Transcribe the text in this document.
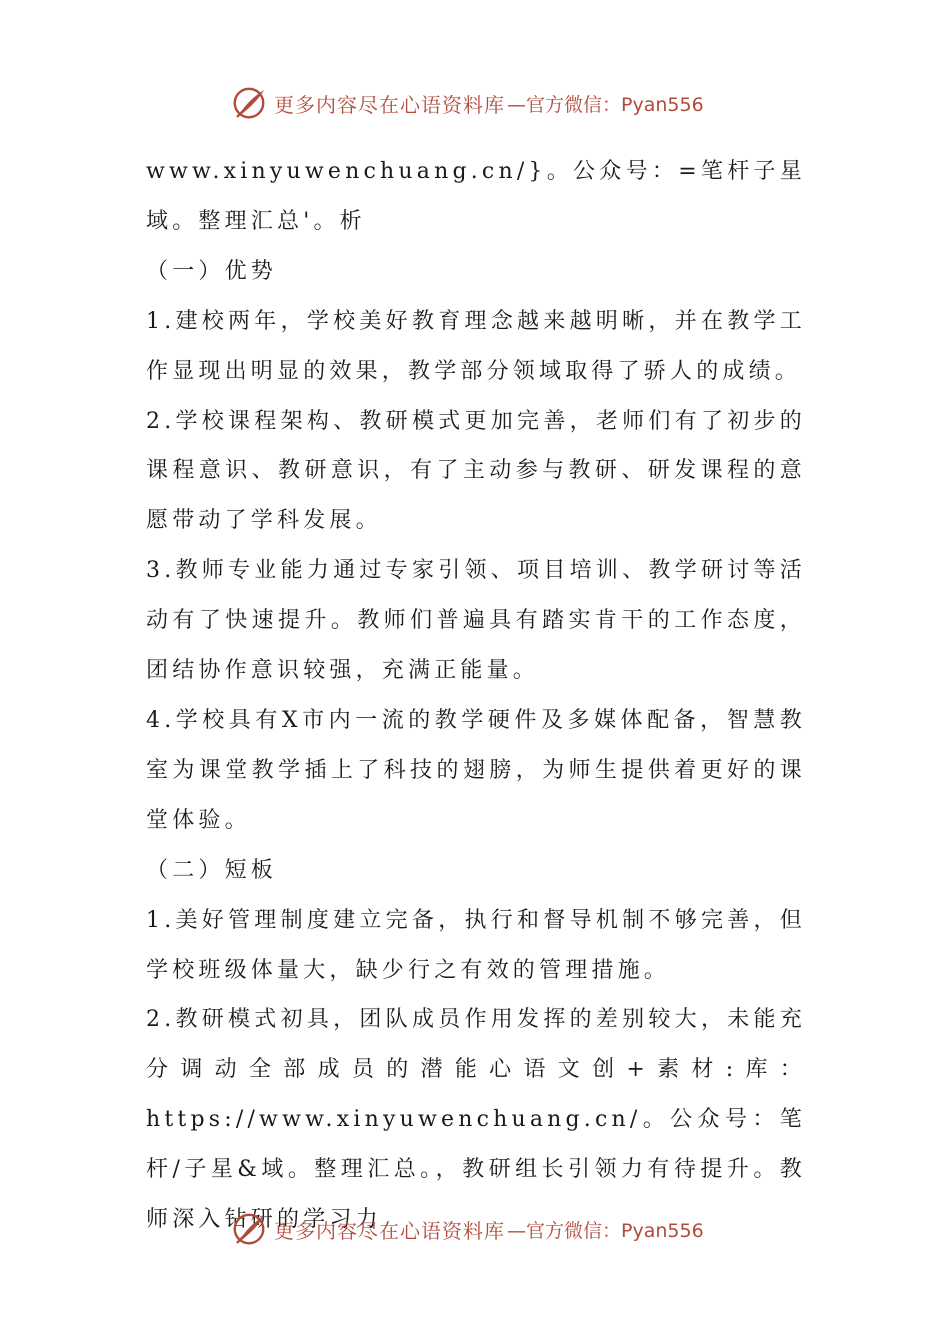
更多内容尽在心语资料库 —官方微信：Pyan556

www.xinyuwenchuang.cn/}。公众号：=笔杆子星域。整理汇总'。析

（一）优势

1.建校两年，学校美好教育理念越来越明晰，并在教学工作显现出明显的效果，教学部分领域取得了骄人的成绩。

2.学校课程架构、教研模式更加完善，老师们有了初步的课程意识、教研意识，有了主动参与教研、研发课程的意愿带动了学科发展。

3.教师专业能力通过专家引领、项目培训、教学研讨等活动有了快速提升。教师们普遍具有踏实肯干的工作态度，团结协作意识较强，充满正能量。

4.学校具有X市内一流的教学硬件及多媒体配备，智慧教室为课堂教学插上了科技的翅膀，为师生提供着更好的课堂体验。

（二）短板

1.美好管理制度建立完备，执行和督导机制不够完善，但学校班级体量大，缺少行之有效的管理措施。

2.教研模式初具，团队成员作用发挥的差别较大，未能充分调动全部成员的潜能心语文创+素材:库：https://www.xinyuwenchuang.cn/。公众号：笔杆/子星&域。整理汇总。，教研组长引领力有待提升。教师深入钻研的学习力

更多内容尽在心语资料库 —官方微信：Pyan556
